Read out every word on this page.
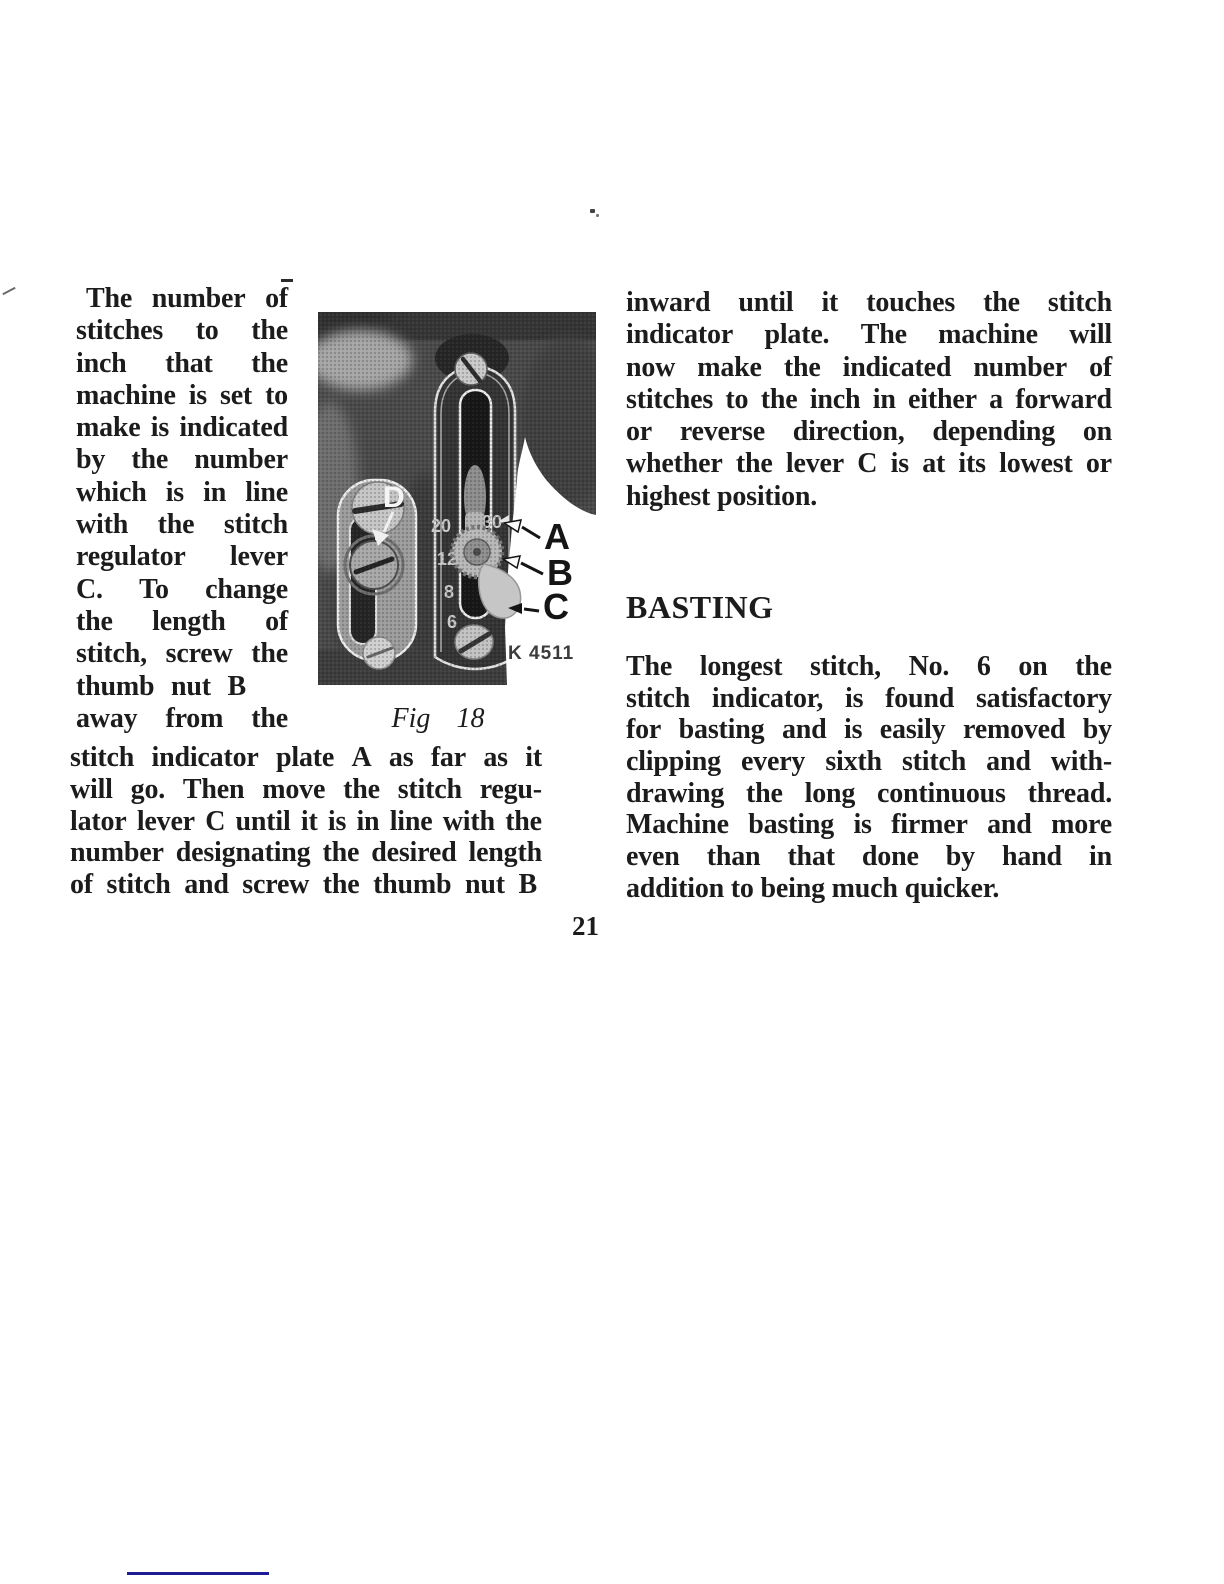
The number of
stitches to the
inch that the
machine is set to
make is indicated
by the number
which is in line
with the stitch
regulator lever
C. To change
the length of
stitch, screw the
thumb nut B
away from the
stitch indicator plate A as far as it
will go. Then move the stitch regu-
lator lever C until it is in line with the
number designating the desired length
of stitch and screw the thumb nut B
inward until it touches the stitch
indicator plate. The machine will
now make the indicated number of
stitches to the inch in either a forward
or reverse direction, depending on
whether the lever C is at its lowest or
highest position.
BASTING
The longest stitch, No. 6 on the
stitch indicator, is found satisfactory
for basting and is easily removed by
clipping every sixth stitch and with-
drawing the long continuous thread.
Machine basting is firmer and more
even than that done by hand in
addition to being much quicker.
D
A
B
C
K 4511
Fig 18
21
